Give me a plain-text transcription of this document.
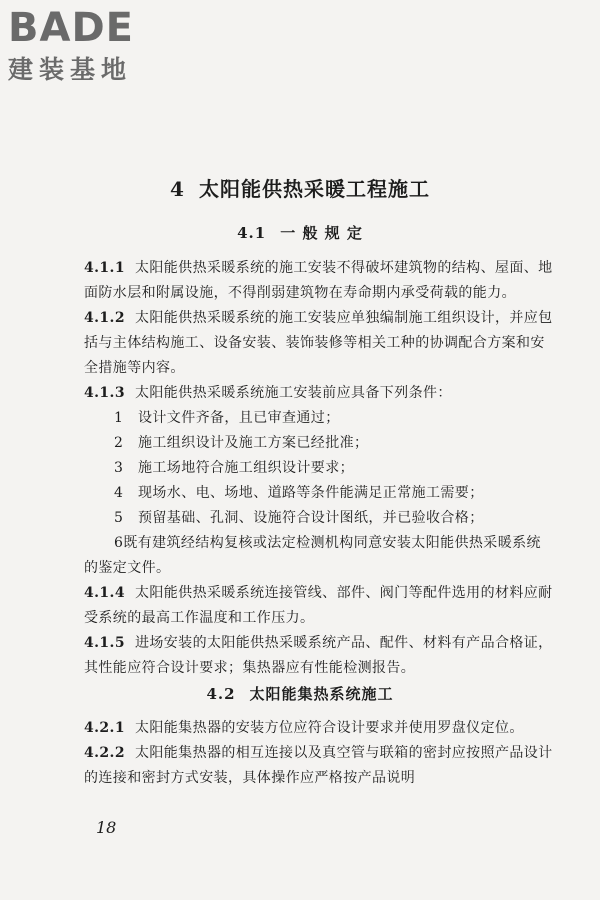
BADE
建装基地
4 太阳能供热采暖工程施工
4.1 一 般 规 定

4.1.1 太阳能供热采暖系统的施工安装不得破坏建筑物的结构、屋面、地面防水层和附属设施，不得削弱建筑物在寿命期内承受荷载的能力。

4.1.2 太阳能供热采暖系统的施工安装应单独编制施工组织设计，并应包括与主体结构施工、设备安装、装饰装修等相关工种的协调配合方案和安全措施等内容。

4.1.3 太阳能供热采暖系统施工安装前应具备下列条件：

1 设计文件齐备，且已审查通过；

2 施工组织设计及施工方案已经批准；

3 施工场地符合施工组织设计要求；

4 现场水、电、场地、道路等条件能满足正常施工需要；

5 预留基础、孔洞、设施符合设计图纸，并已验收合格；

6既有建筑经结构复核或法定检测机构同意安装太阳能供热采暖系统的鉴定文件。

4.1.4 太阳能供热采暖系统连接管线、部件、阀门等配件选用的材料应耐受系统的最高工作温度和工作压力。

4.1.5 进场安装的太阳能供热采暖系统产品、配件、材料有产品合格证，其性能应符合设计要求；集热器应有性能检测报告。

4.2 太阳能集热系统施工

4.2.1 太阳能集热器的安装方位应符合设计要求并使用罗盘仪定位。

4.2.2 太阳能集热器的相互连接以及真空管与联箱的密封应按照产品设计的连接和密封方式安装，具体操作应严格按产品说明

18
